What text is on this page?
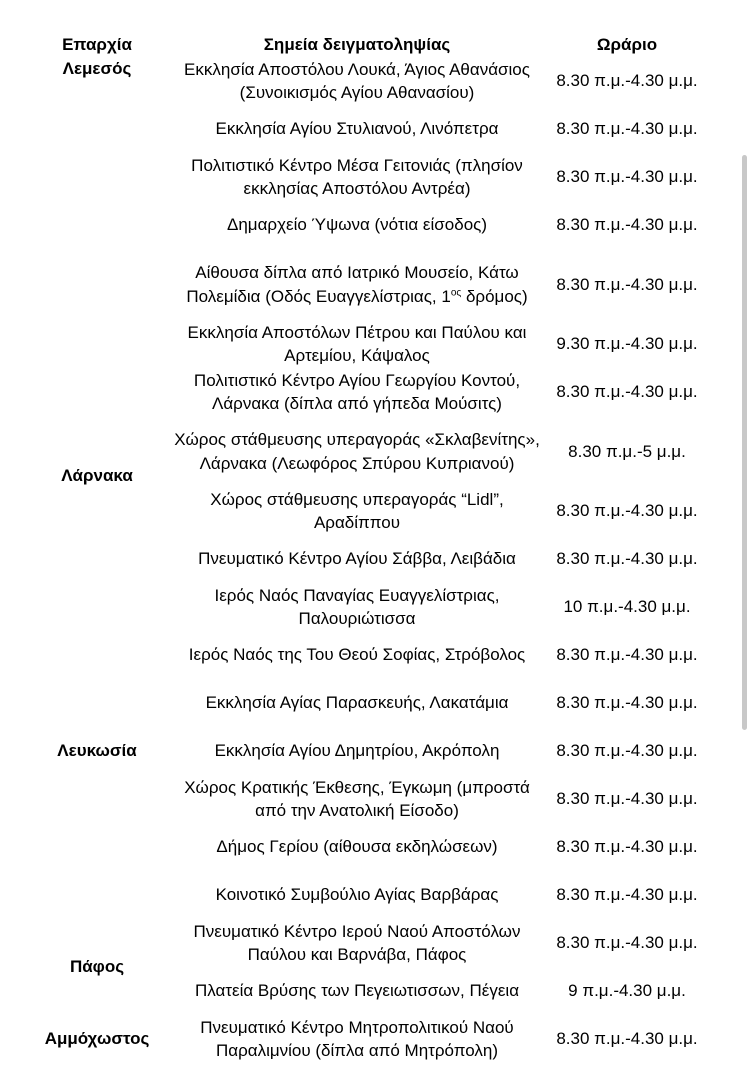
Επαρχία	Σημεία δειγματοληψίας	Ωράριο
Λεμεσός	Εκκλησία Αποστόλου Λουκά, Άγιος Αθανάσιος (Συνοικισμός Αγίου Αθανασίου)	8.30 π.μ.-4.30 μ.μ.
	Εκκλησία Αγίου Στυλιανού, Λινόπετρα	8.30 π.μ.-4.30 μ.μ.
	Πολιτιστικό Κέντρο Μέσα Γειτονιάς (πλησίον εκκλησίας Αποστόλου Αντρέα)	8.30 π.μ.-4.30 μ.μ.
	Δημαρχείο Ύψωνα (νότια είσοδος)	8.30 π.μ.-4.30 μ.μ.
	Αίθουσα δίπλα από Ιατρικό Μουσείο, Κάτω Πολεμίδια (Οδός Ευαγγελίστριας, $1^{o\varsigma}$ δρόμος)	8.30 π.μ.-4.30 μ.μ.
	Εκκλησία Αποστόλων Πέτρου και Παύλου και Αρτεμίου, Κάψαλος	9.30 π.μ.-4.30 μ.μ.
Λάρνακα	Πολιτιστικό Κέντρο Αγίου Γεωργίου Κοντού, Λάρνακα (δίπλα από γήπεδα Μούσιτς)	8.30 π.μ.-4.30 μ.μ.
	Χώρος στάθμευσης υπεραγοράς «Σκλαβενίτης», Λάρνακα (Λεωφόρος Σπύρου Κυπριανού)	8.30 π.μ.-5 μ.μ.
	Χώρος στάθμευσης υπεραγοράς “Lidl”, Αραδίππου	8.30 π.μ.-4.30 μ.μ.
	Πνευματικό Κέντρο Αγίου Σάββα, Λειβάδια	8.30 π.μ.-4.30 μ.μ.
Λευκωσία	Ιερός Ναός Παναγίας Ευαγγελίστριας, Παλουριώτισσα	10 π.μ.-4.30 μ.μ.
	Ιερός Ναός της Του Θεού Σοφίας, Στρόβολος	8.30 π.μ.-4.30 μ.μ.
	Εκκλησία Αγίας Παρασκευής, Λακατάμια	8.30 π.μ.-4.30 μ.μ.
	Εκκλησία Αγίου Δημητρίου, Ακρόπολη	8.30 π.μ.-4.30 μ.μ.
	Χώρος Κρατικής Έκθεσης, Έγκωμη (μπροστά από την Ανατολική Είσοδο)	8.30 π.μ.-4.30 μ.μ.
	Δήμος Γερίου (αίθουσα εκδηλώσεων)	8.30 π.μ.-4.30 μ.μ.
	Κοινοτικό Συμβούλιο Αγίας Βαρβάρας	8.30 π.μ.-4.30 μ.μ.
Πάφος	Πνευματικό Κέντρο Ιερού Ναού Αποστόλων Παύλου και Βαρνάβα, Πάφος	8.30 π.μ.-4.30 μ.μ.
	Πλατεία Βρύσης των Πεγειωτισσων, Πέγεια	9 π.μ.-4.30 μ.μ.
Αμμόχωστος	Πνευματικό Κέντρο Μητροπολιτικού Ναού Παραλιμνίου (δίπλα από Μητρόπολη)	8.30 π.μ.-4.30 μ.μ.
